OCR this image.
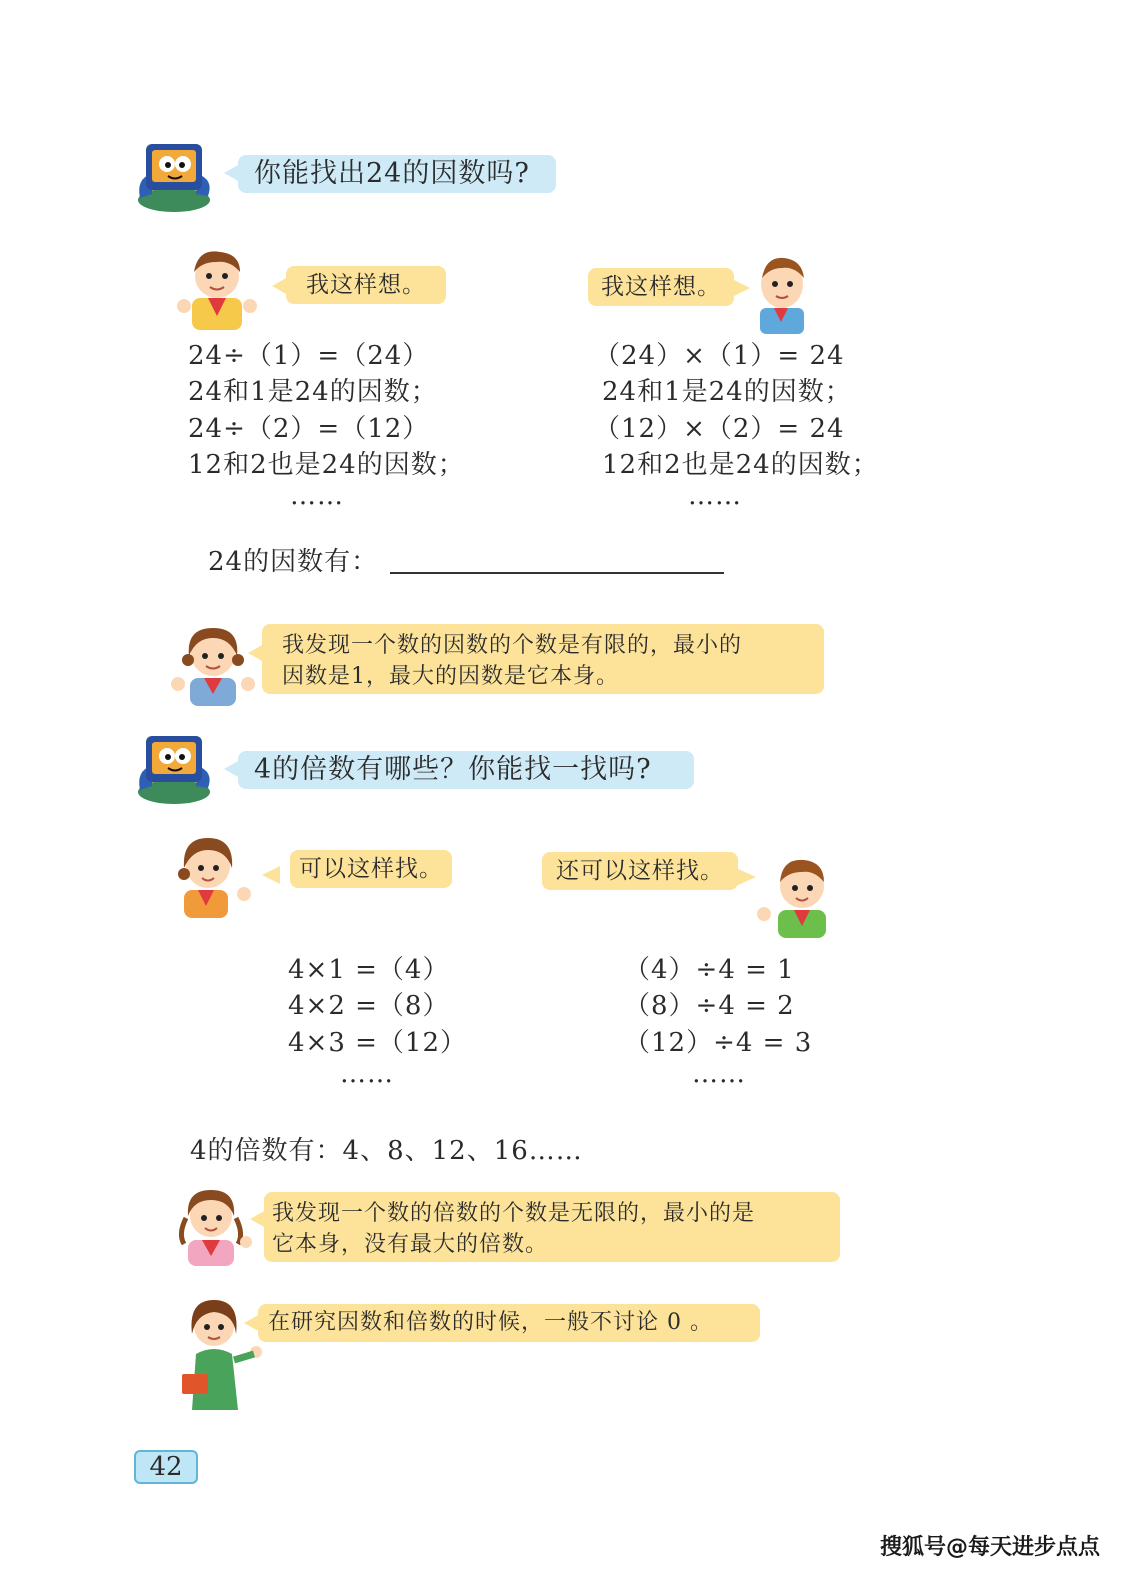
你能找出24的因数吗?
我这样想。	我这样想。
24÷（1）=（24）
24和1是24的因数；
24÷（2）=（12）
12和2也是24的因数；
……
（24）×（1）= 24
24和1是24的因数；
（12）×（2）= 24
12和2也是24的因数；
……
24的因数有：
我发现一个数的因数的个数是有限的，最小的
因数是1，最大的因数是它本身。
4的倍数有哪些？你能找一找吗?
可以这样找。	还可以这样找。
4×1 =（4）
4×2 =（8）
4×3 =（12）
……
（4）÷4 = 1
（8）÷4 = 2
（12）÷4 = 3
……
4的倍数有：4、8、12、16……
我发现一个数的倍数的个数是无限的，最小的是
它本身，没有最大的倍数。
在研究因数和倍数的时候，一般不讨论 0 。
42
搜狐号@每天进步点点
